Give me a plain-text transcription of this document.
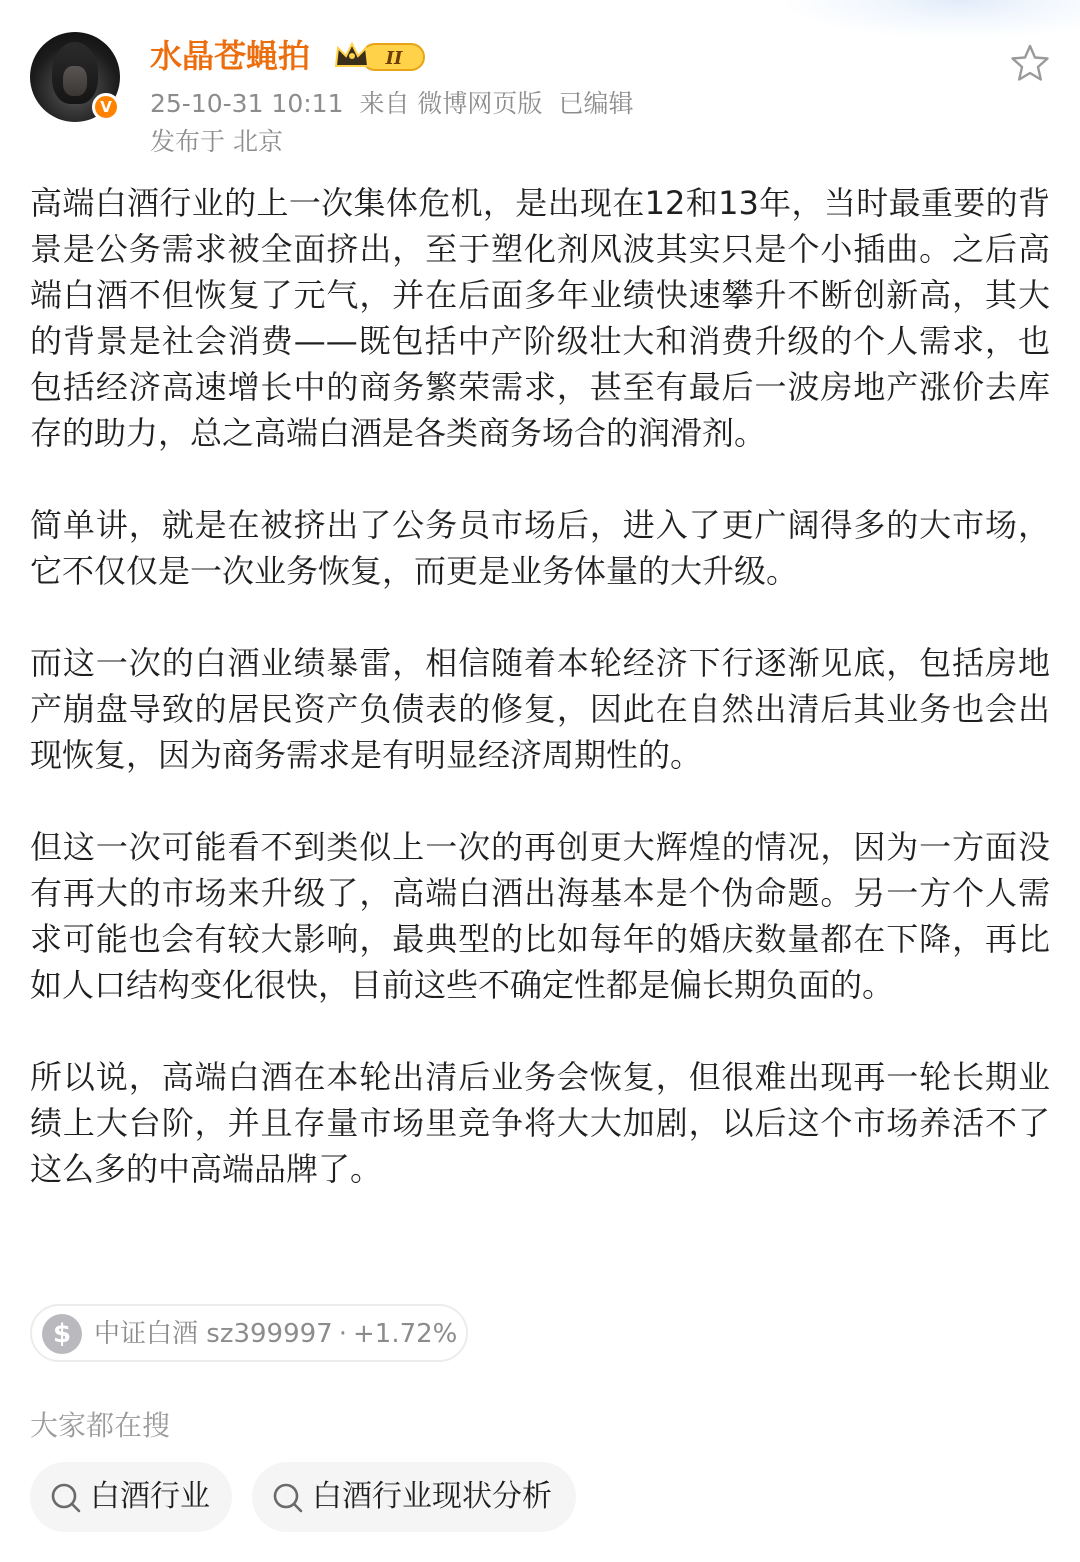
V
水晶苍蝇拍	II
25-10-31 10:11 来自 微博网页版 已编辑
发布于 北京

高端白酒行业的上一次集体危机，是出现在12和13年，当时最重要的背景是公务需求被全面挤出，至于塑化剂风波其实只是个小插曲。之后高端白酒不但恢复了元气，并在后面多年业绩快速攀升不断创新高，其大的背景是社会消费——既包括中产阶级壮大和消费升级的个人需求，也包括经济高速增长中的商务繁荣需求，甚至有最后一波房地产涨价去库存的助力，总之高端白酒是各类商务场合的润滑剂。

简单讲，就是在被挤出了公务员市场后，进入了更广阔得多的大市场，它不仅仅是一次业务恢复，而更是业务体量的大升级。

而这一次的白酒业绩暴雷，相信随着本轮经济下行逐渐见底，包括房地产崩盘导致的居民资产负债表的修复，因此在自然出清后其业务也会出现恢复，因为商务需求是有明显经济周期性的。

但这一次可能看不到类似上一次的再创更大辉煌的情况，因为一方面没有再大的市场来升级了，高端白酒出海基本是个伪命题。另一方个人需求可能也会有较大影响，最典型的比如每年的婚庆数量都在下降，再比如人口结构变化很快，目前这些不确定性都是偏长期负面的。

所以说，高端白酒在本轮出清后业务会恢复，但很难出现再一轮长期业绩上大台阶，并且存量市场里竞争将大大加剧，以后这个市场养活不了这么多的中高端品牌了。

$ 中证白酒 sz399997 · +1.72%
大家都在搜
白酒行业	白酒行业现状分析
